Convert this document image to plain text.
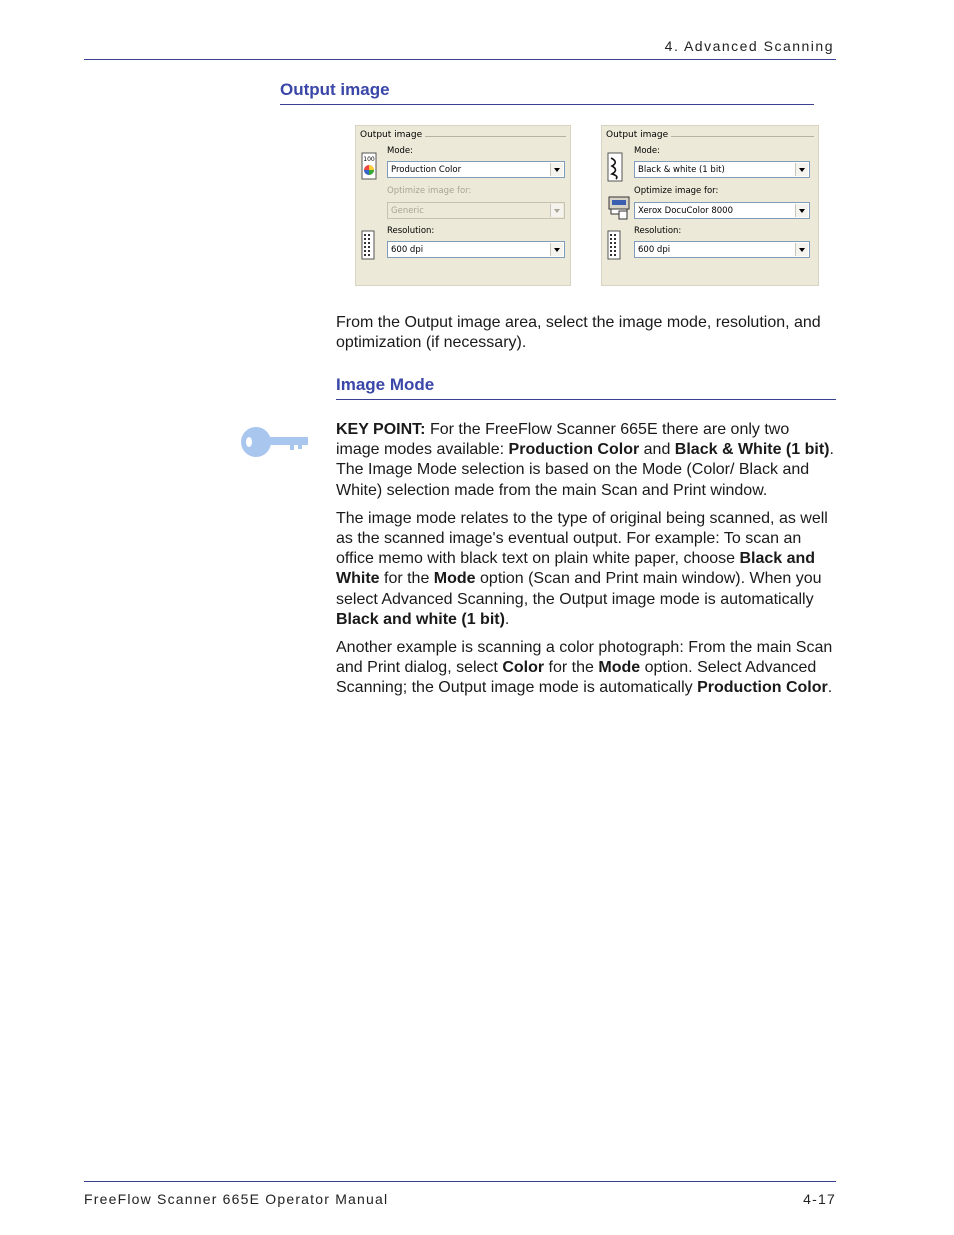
4. Advanced Scanning
Output image
Output image
100
Mode:
Production Color
Optimize image for:
Generic
Resolution:
600 dpi
Output image
Mode:
Black & white (1 bit)
Optimize image for:
Xerox DocuColor 8000
Resolution:
600 dpi

From the Output image area, select the image mode, resolution, and optimization (if necessary).

Image Mode

KEY POINT: For the FreeFlow Scanner 665E there are only two image modes available: Production Color and Black & White (1 bit). The Image Mode selection is based on the Mode (Color/ Black and White) selection made from the main Scan and Print window.

The image mode relates to the type of original being scanned, as well as the scanned image's eventual output. For example: To scan an office memo with black text on plain white paper, choose Black and White for the Mode option (Scan and Print main window). When you select Advanced Scanning, the Output image mode is automatically Black and white (1 bit).

Another example is scanning a color photograph: From the main Scan and Print dialog, select Color for the Mode option. Select Advanced Scanning; the Output image mode is automatically Production Color.

FreeFlow Scanner 665E Operator Manual	4-17
